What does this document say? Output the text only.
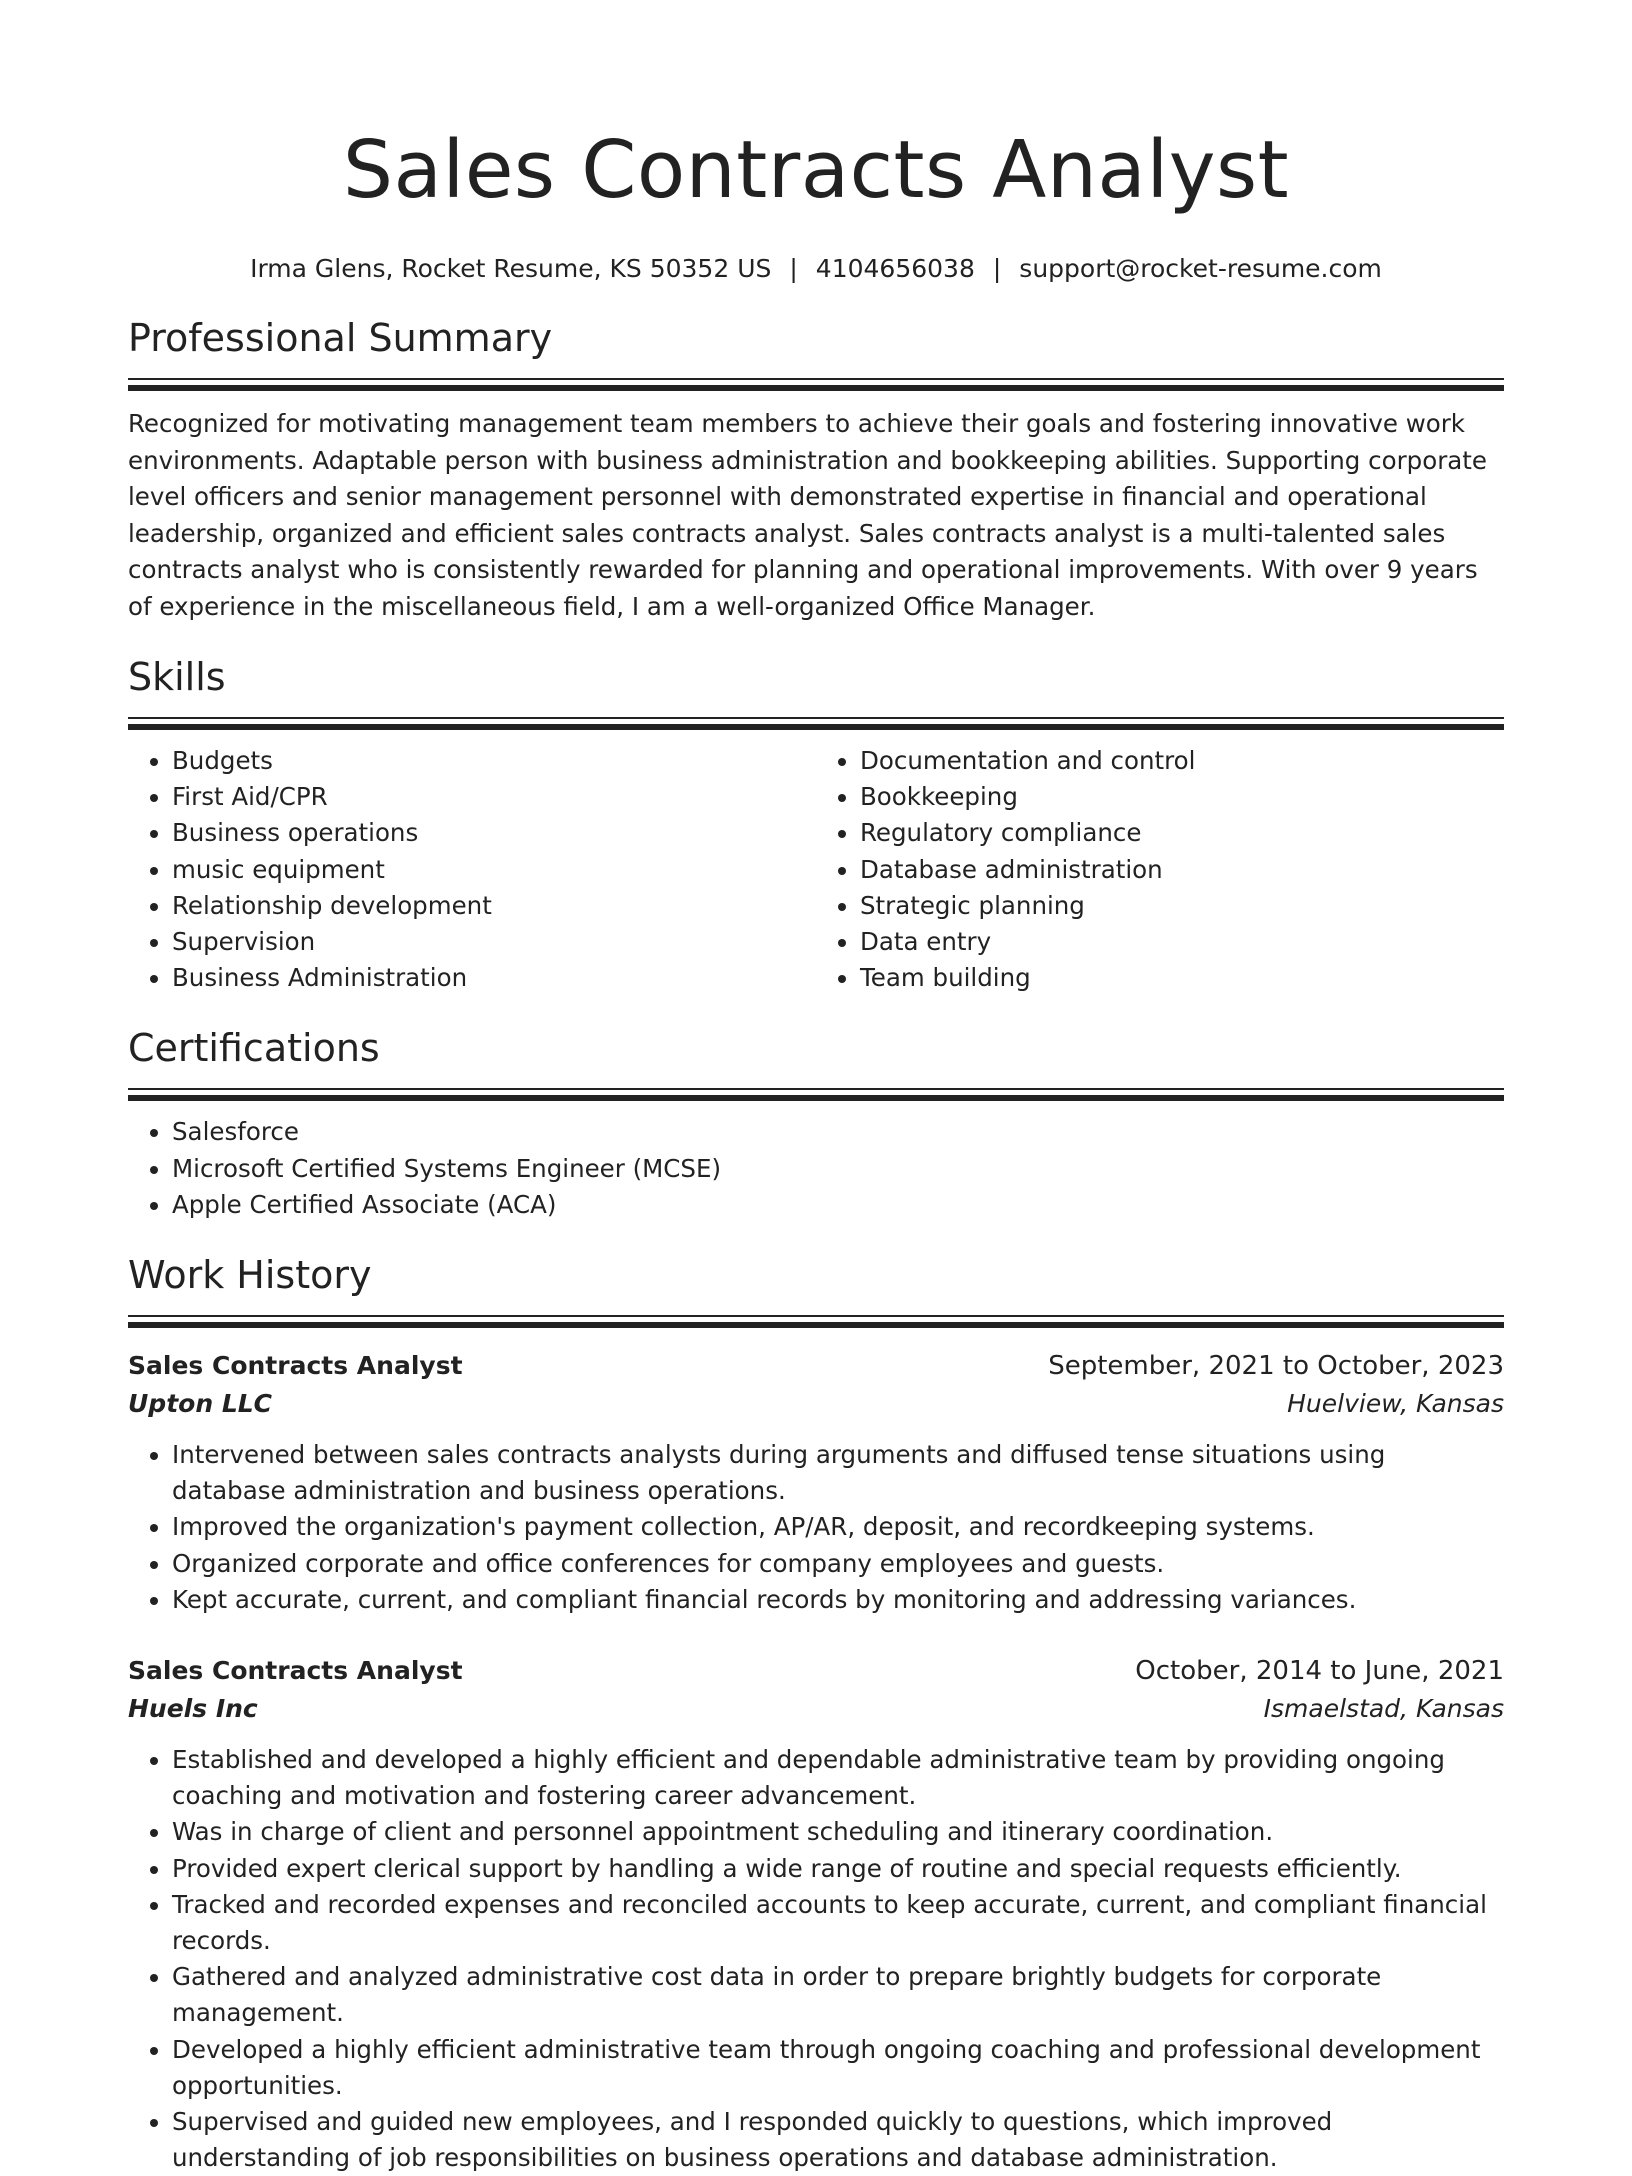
Sales Contracts Analyst
Irma Glens, Rocket Resume, KS 50352 US | 4104656038 | support@rocket-resume.com
Professional Summary
Recognized for motivating management team members to achieve their goals and fostering innovative work environments. Adaptable person with business administration and bookkeeping abilities. Supporting corporate level officers and senior management personnel with demonstrated expertise in financial and operational leadership, organized and efficient sales contracts analyst. Sales contracts analyst is a multi-talented sales contracts analyst who is consistently rewarded for planning and operational improvements. With over 9 years of experience in the miscellaneous field, I am a well-organized Office Manager.
Skills
• Budgets
• First Aid/CPR
• Business operations
• music equipment
• Relationship development
• Supervision
• Business Administration
• Documentation and control
• Bookkeeping
• Regulatory compliance
• Database administration
• Strategic planning
• Data entry
• Team building
Certifications
• Salesforce
• Microsoft Certified Systems Engineer (MCSE)
• Apple Certified Associate (ACA)
Work History
Sales Contracts Analyst	September, 2021 to October, 2023
Upton LLC	Huelview, Kansas
• Intervened between sales contracts analysts during arguments and diffused tense situations using database administration and business operations.
• Improved the organization's payment collection, AP/AR, deposit, and recordkeeping systems.
• Organized corporate and office conferences for company employees and guests.
• Kept accurate, current, and compliant financial records by monitoring and addressing variances.
Sales Contracts Analyst	October, 2014 to June, 2021
Huels Inc	Ismaelstad, Kansas
• Established and developed a highly efficient and dependable administrative team by providing ongoing coaching and motivation and fostering career advancement.
• Was in charge of client and personnel appointment scheduling and itinerary coordination.
• Provided expert clerical support by handling a wide range of routine and special requests efficiently.
• Tracked and recorded expenses and reconciled accounts to keep accurate, current, and compliant financial records.
• Gathered and analyzed administrative cost data in order to prepare brightly budgets for corporate management.
• Developed a highly efficient administrative team through ongoing coaching and professional development opportunities.
• Supervised and guided new employees, and I responded quickly to questions, which improved understanding of job responsibilities on business operations and database administration.
